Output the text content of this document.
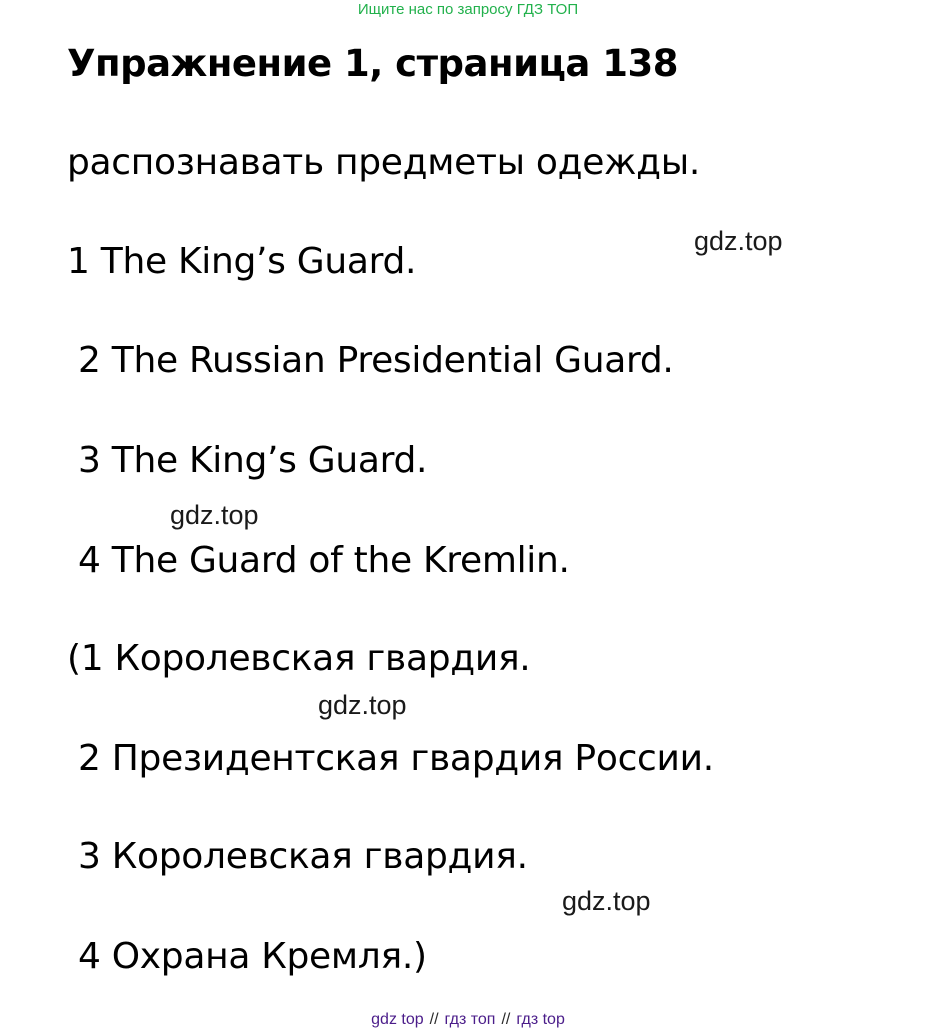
Ищите нас по запросу ГДЗ ТОП
Упражнение 1, страница 138
распознавать предметы одежды.
1 The King’s Guard.
2 The Russian Presidential Guard.
3 The King’s Guard.
4 The Guard of the Kremlin.
(1 Королевская гвардия.
2 Президентская гвардия России.
3 Королевская гвардия.
4 Охрана Кремля.)
gdz.top
gdz.top
gdz.top
gdz.top
gdz top // гдз топ // гдз top
